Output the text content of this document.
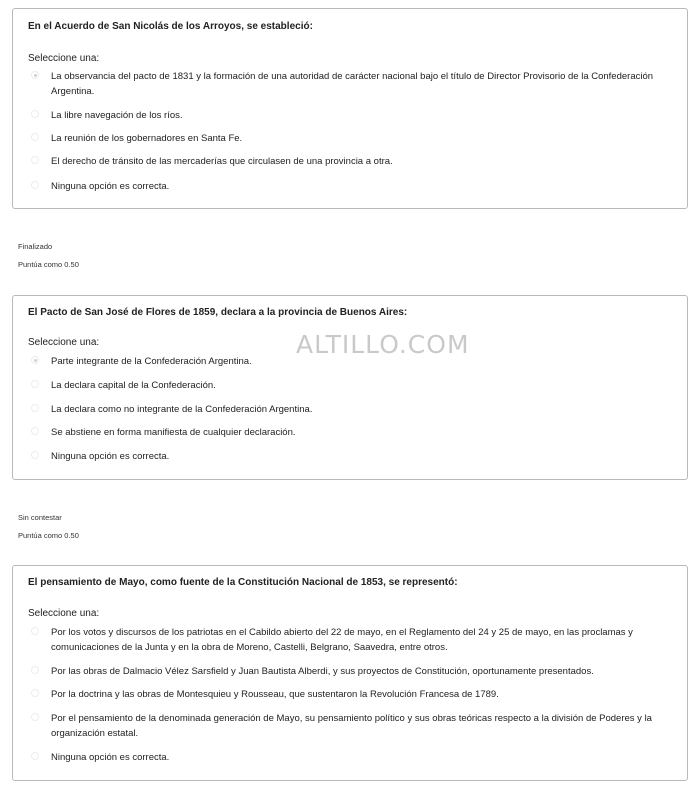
En el Acuerdo de San Nicolás de los Arroyos, se estableció:
Seleccione una:
La observancia del pacto de 1831 y la formación de una autoridad de carácter nacional bajo el título de Director Provisorio de la Confederación Argentina.
La libre navegación de los ríos.
La reunión de los gobernadores en Santa Fe.
El derecho de tránsito de las mercaderías que circulasen de una provincia a otra.
Ninguna opción es correcta.
Finalizado
Puntúa como 0.50
El Pacto de San José de Flores de 1859, declara a la provincia de Buenos Aires:
Seleccione una:
Parte integrante de la Confederación Argentina.
La declara capital de la Confederación.
La declara como no integrante de la Confederación Argentina.
Se abstiene en forma manifiesta de cualquier declaración.
Ninguna opción es correcta.
ALTILLO.COM
Sin contestar
Puntúa como 0.50
El pensamiento de Mayo, como fuente de la Constitución Nacional de 1853, se representó:
Seleccione una:
Por los votos y discursos de los patriotas en el Cabildo abierto del 22 de mayo, en el Reglamento del 24 y 25 de mayo, en las proclamas y comunicaciones de la Junta y en la obra de Moreno, Castelli, Belgrano, Saavedra, entre otros.
Por las obras de Dalmacio Vélez Sarsfield y Juan Bautista Alberdi, y sus proyectos de Constitución, oportunamente presentados.
Por la doctrina y las obras de Montesquieu y Rousseau, que sustentaron la Revolución Francesa de 1789.
Por el pensamiento de la denominada generación de Mayo, su pensamiento político y sus obras teóricas respecto a la división de Poderes y la organización estatal.
Ninguna opción es correcta.
